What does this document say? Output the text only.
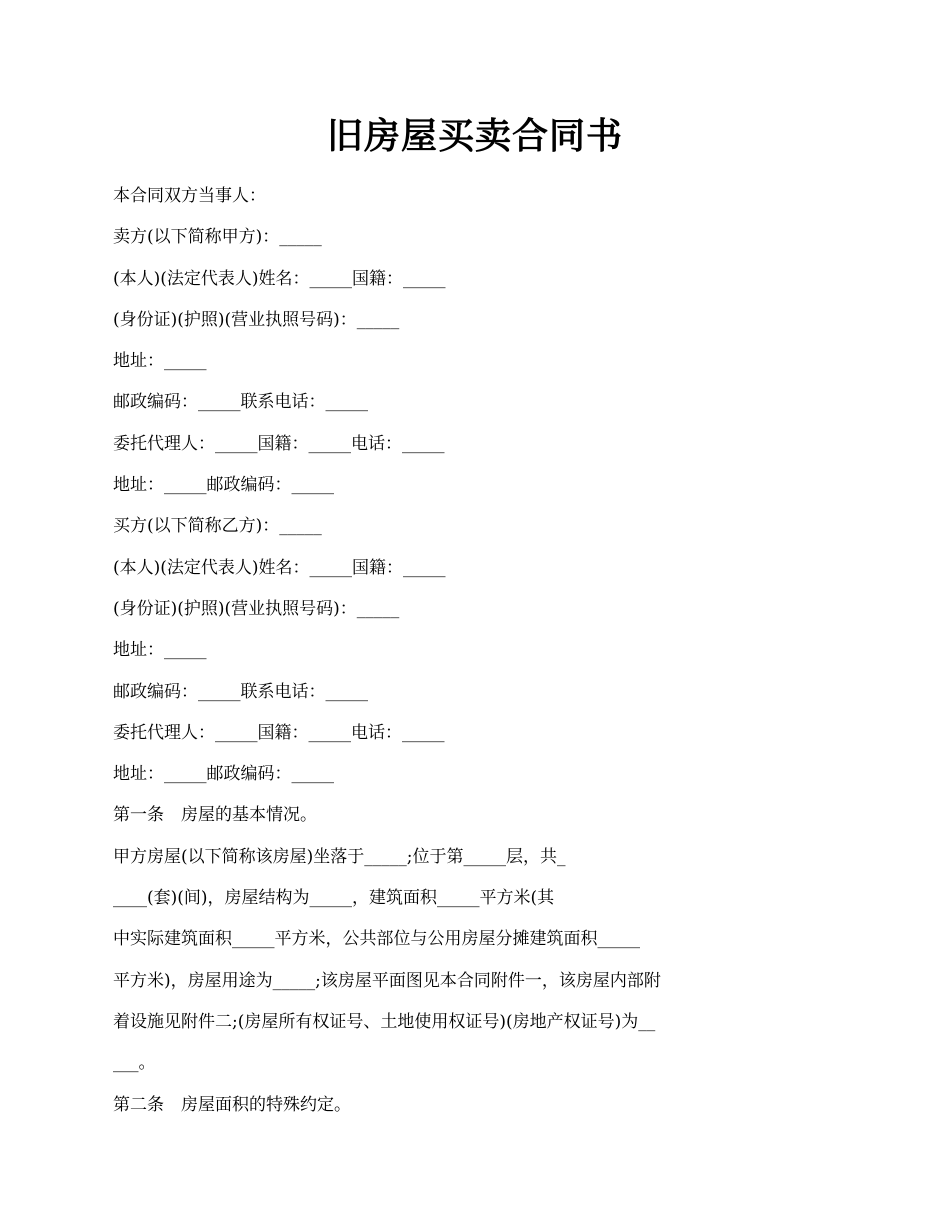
旧房屋买卖合同书

本合同双方当事人：

卖方(以下简称甲方)：_____

(本人)(法定代表人)姓名：_____国籍：_____

(身份证)(护照)(营业执照号码)：_____

地址：_____

邮政编码：_____联系电话：_____

委托代理人：_____国籍：_____电话：_____

地址：_____邮政编码：_____

买方(以下简称乙方)：_____

(本人)(法定代表人)姓名：_____国籍：_____

(身份证)(护照)(营业执照号码)：_____

地址：_____

邮政编码：_____联系电话：_____

委托代理人：_____国籍：_____电话：_____

地址：_____邮政编码：_____

第一条　房屋的基本情况。

甲方房屋(以下简称该房屋)坐落于_____;位于第_____层，共_

____(套)(间)，房屋结构为_____，建筑面积_____平方米(其

中实际建筑面积_____平方米，公共部位与公用房屋分摊建筑面积_____

平方米)，房屋用途为_____;该房屋平面图见本合同附件一，该房屋内部附

着设施见附件二;(房屋所有权证号、土地使用权证号)(房地产权证号)为__

___。

第二条　房屋面积的特殊约定。
